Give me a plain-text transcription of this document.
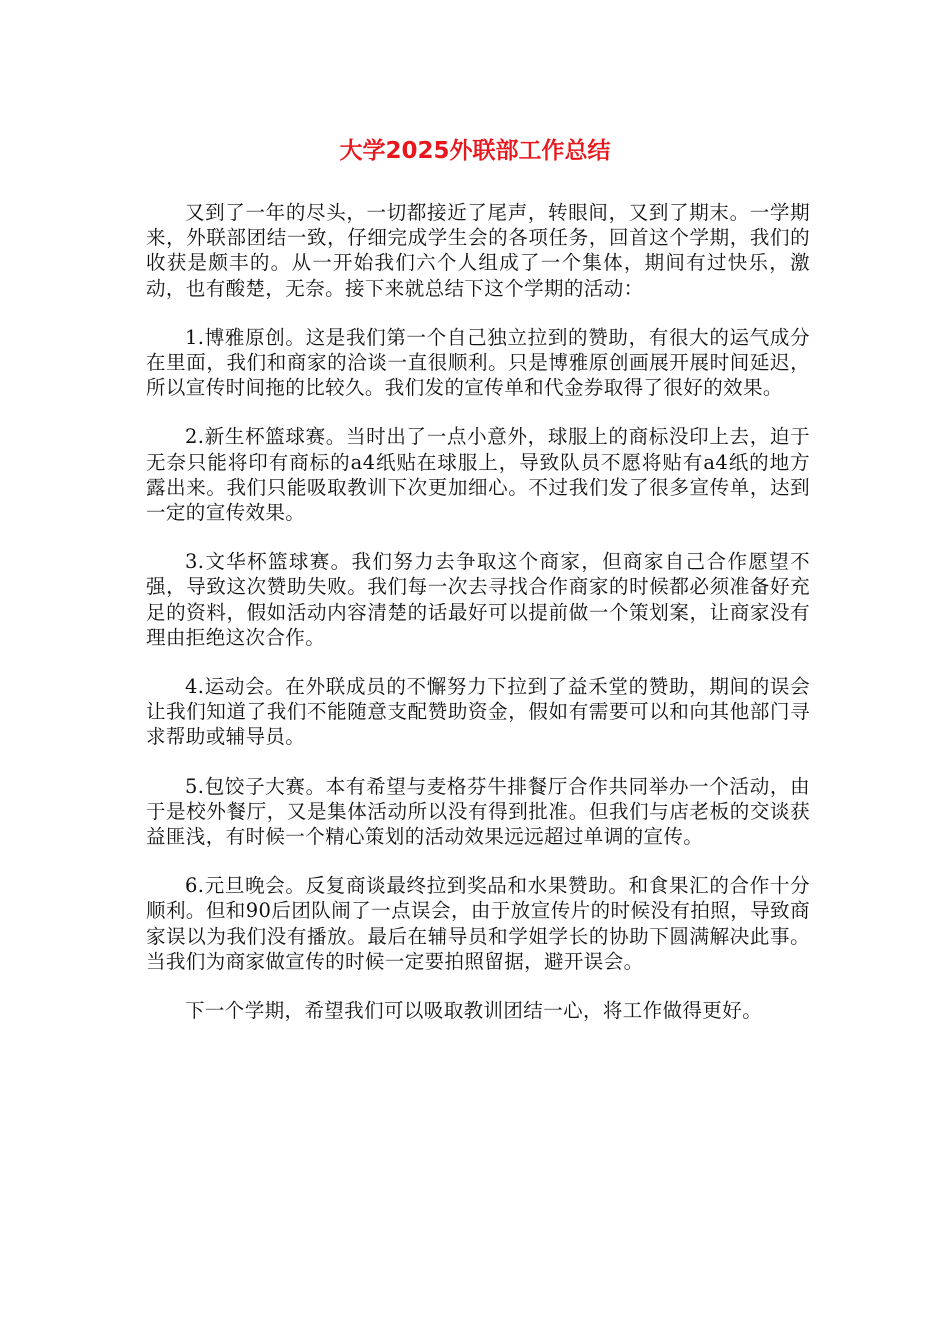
大学2025外联部工作总结

又到了一年的尽头，一切都接近了尾声，转眼间，又到了期末。一学期来，外联部团结一致，仔细完成学生会的各项任务，回首这个学期，我们的收获是颇丰的。从一开始我们六个人组成了一个集体，期间有过快乐，激动，也有酸楚，无奈。接下来就总结下这个学期的活动：

1.博雅原创。这是我们第一个自己独立拉到的赞助，有很大的运气成分在里面，我们和商家的洽谈一直很顺利。只是博雅原创画展开展时间延迟，所以宣传时间拖的比较久。我们发的宣传单和代金券取得了很好的效果。

2.新生杯篮球赛。当时出了一点小意外，球服上的商标没印上去，迫于无奈只能将印有商标的a4纸贴在球服上，导致队员不愿将贴有a4纸的地方露出来。我们只能吸取教训下次更加细心。不过我们发了很多宣传单，达到一定的宣传效果。

3.文华杯篮球赛。我们努力去争取这个商家，但商家自己合作愿望不强，导致这次赞助失败。我们每一次去寻找合作商家的时候都必须准备好充足的资料，假如活动内容清楚的话最好可以提前做一个策划案，让商家没有理由拒绝这次合作。

4.运动会。在外联成员的不懈努力下拉到了益禾堂的赞助，期间的误会让我们知道了我们不能随意支配赞助资金，假如有需要可以和向其他部门寻求帮助或辅导员。

5.包饺子大赛。本有希望与麦格芬牛排餐厅合作共同举办一个活动，由于是校外餐厅，又是集体活动所以没有得到批准。但我们与店老板的交谈获益匪浅，有时候一个精心策划的活动效果远远超过单调的宣传。

6.元旦晚会。反复商谈最终拉到奖品和水果赞助。和食果汇的合作十分顺利。但和90后团队闹了一点误会，由于放宣传片的时候没有拍照，导致商家误以为我们没有播放。最后在辅导员和学姐学长的协助下圆满解决此事。当我们为商家做宣传的时候一定要拍照留据，避开误会。

下一个学期，希望我们可以吸取教训团结一心，将工作做得更好。
